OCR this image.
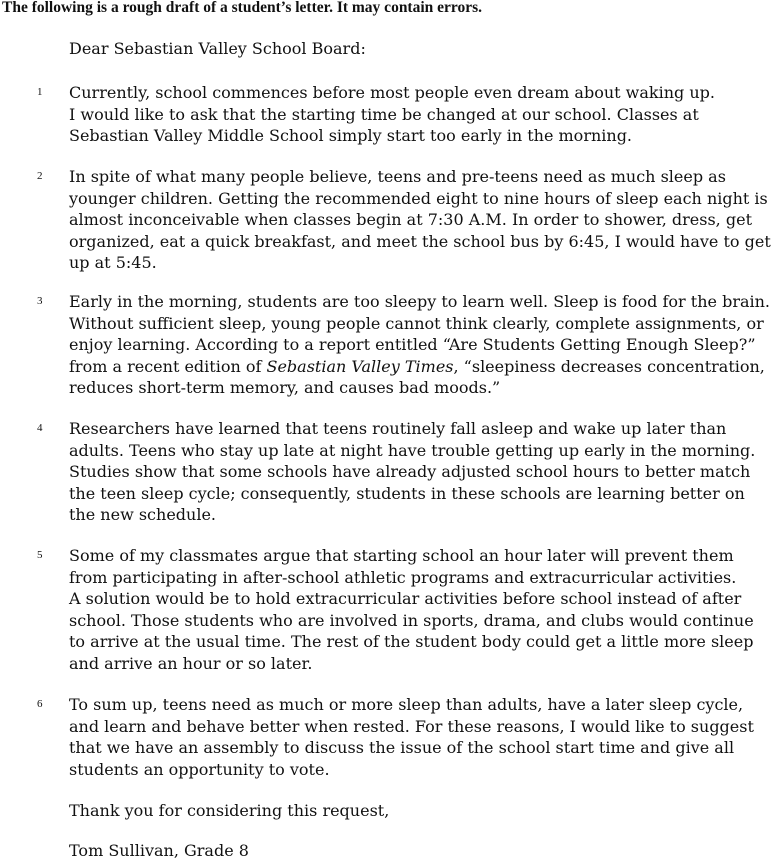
The following is a rough draft of a student’s letter. It may contain errors.
Dear Sebastian Valley School Board:
1 Currently, school commences before most people even dream about waking up.
I would like to ask that the starting time be changed at our school. Classes at
Sebastian Valley Middle School simply start too early in the morning.
2 In spite of what many people believe, teens and pre-teens need as much sleep as
younger children. Getting the recommended eight to nine hours of sleep each night is
almost inconceivable when classes begin at 7:30 A.M. In order to shower, dress, get
organized, eat a quick breakfast, and meet the school bus by 6:45, I would have to get
up at 5:45.
3 Early in the morning, students are too sleepy to learn well. Sleep is food for the brain.
Without sufficient sleep, young people cannot think clearly, complete assignments, or
enjoy learning. According to a report entitled “Are Students Getting Enough Sleep?”
from a recent edition of Sebastian Valley Times, “sleepiness decreases concentration,
reduces short-term memory, and causes bad moods.”
4 Researchers have learned that teens routinely fall asleep and wake up later than
adults. Teens who stay up late at night have trouble getting up early in the morning.
Studies show that some schools have already adjusted school hours to better match
the teen sleep cycle; consequently, students in these schools are learning better on
the new schedule.
5 Some of my classmates argue that starting school an hour later will prevent them
from participating in after-school athletic programs and extracurricular activities.
A solution would be to hold extracurricular activities before school instead of after
school. Those students who are involved in sports, drama, and clubs would continue
to arrive at the usual time. The rest of the student body could get a little more sleep
and arrive an hour or so later.
6 To sum up, teens need as much or more sleep than adults, have a later sleep cycle,
and learn and behave better when rested. For these reasons, I would like to suggest
that we have an assembly to discuss the issue of the school start time and give all
students an opportunity to vote.
Thank you for considering this request,
Tom Sullivan, Grade 8
